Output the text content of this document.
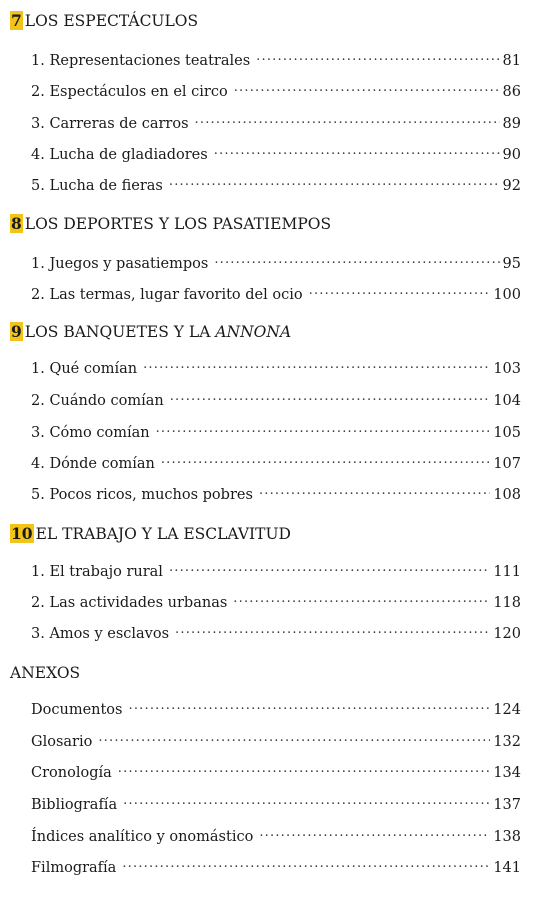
7 LOS ESPECTÁCULOS
1. Representaciones teatrales .....	81
2. Espectáculos en el circo .....	86
3. Carreras de carros .....	89
4. Lucha de gladiadores .....	90
5. Lucha de fieras .....	92
8 LOS DEPORTES Y LOS PASATIEMPOS
1. Juegos y pasatiempos .....	95
2. Las termas, lugar favorito del ocio .....	100
9 LOS BANQUETES Y LA ANNONA
1. Qué comían .....	103
2. Cuándo comían .....	104
3. Cómo comían .....	105
4. Dónde comían .....	107
5. Pocos ricos, muchos pobres .....	108
10 EL TRABAJO Y LA ESCLAVITUD
1. El trabajo rural .....	111
2. Las actividades urbanas .....	118
3. Amos y esclavos .....	120
ANEXOS
Documentos .....	124
Glosario .....	132
Cronología .....	134
Bibliografía .....	137
Índices analítico y onomástico .....	138
Filmografía .....	141
